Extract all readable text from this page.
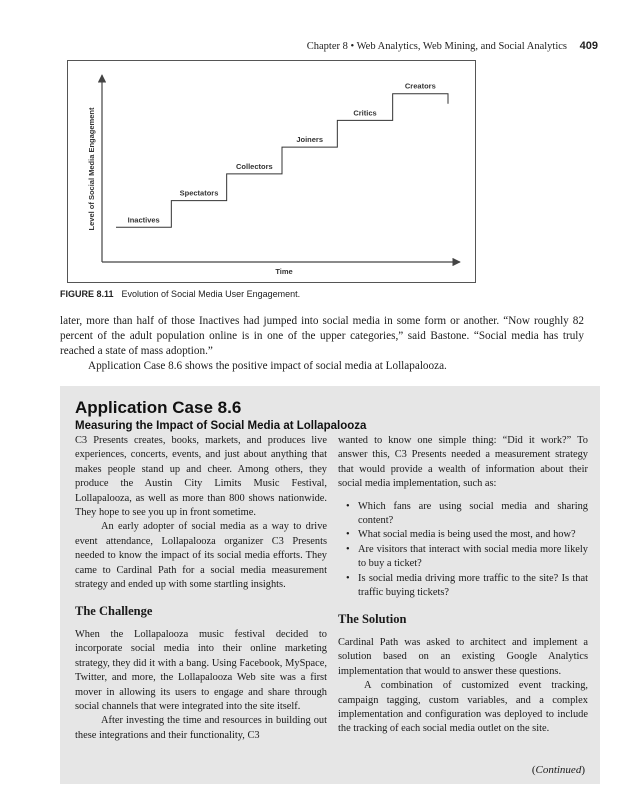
Chapter 8 • Web Analytics, Web Mining, and Social Analytics 409
Level of Social Media Engagement
Time
Inactives
Spectators
Collectors
Joiners
Critics
Creators
FIGURE 8.11 Evolution of Social Media User Engagement.

later, more than half of those Inactives had jumped into social media in some form or another. “Now roughly 82 percent of the adult population online is in one of the upper categories,” said Bastone. “Social media has truly reached a state of mass adoption.”

Application Case 8.6 shows the positive impact of social media at Lollapalooza.

Application Case 8.6
Measuring the Impact of Social Media at Lollapalooza

C3 Presents creates, books, markets, and produces live experiences, concerts, events, and just about anything that makes people stand up and cheer. Among others, they produce the Austin City Limits Music Festival, Lollapalooza, as well as more than 800 shows nationwide. They hope to see you up in front sometime.

An early adopter of social media as a way to drive event attendance, Lollapalooza organizer C3 Presents needed to know the impact of its social media efforts. They came to Cardinal Path for a social media measurement strategy and ended up with some startling insights.

The Challenge

When the Lollapalooza music festival decided to incorporate social media into their online marketing strategy, they did it with a bang. Using Facebook, MySpace, Twitter, and more, the Lollapalooza Web site was a first mover in allowing its users to engage and share through social channels that were integrated into the site itself.

After investing the time and resources in building out these integrations and their functionality, C3

wanted to know one simple thing: “Did it work?” To answer this, C3 Presents needed a measurement strategy that would provide a wealth of information about their social media implementation, such as:

• Which fans are using social media and sharing content?
• What social media is being used the most, and how?
• Are visitors that interact with social media more likely to buy a ticket?
• Is social media driving more traffic to the site? Is that traffic buying tickets?
The Solution

Cardinal Path was asked to architect and implement a solution based on an existing Google Analytics implementation that would to answer these questions.

A combination of customized event tracking, campaign tagging, custom variables, and a complex implementation and configuration was deployed to include the tracking of each social media outlet on the site.

(Continued)
